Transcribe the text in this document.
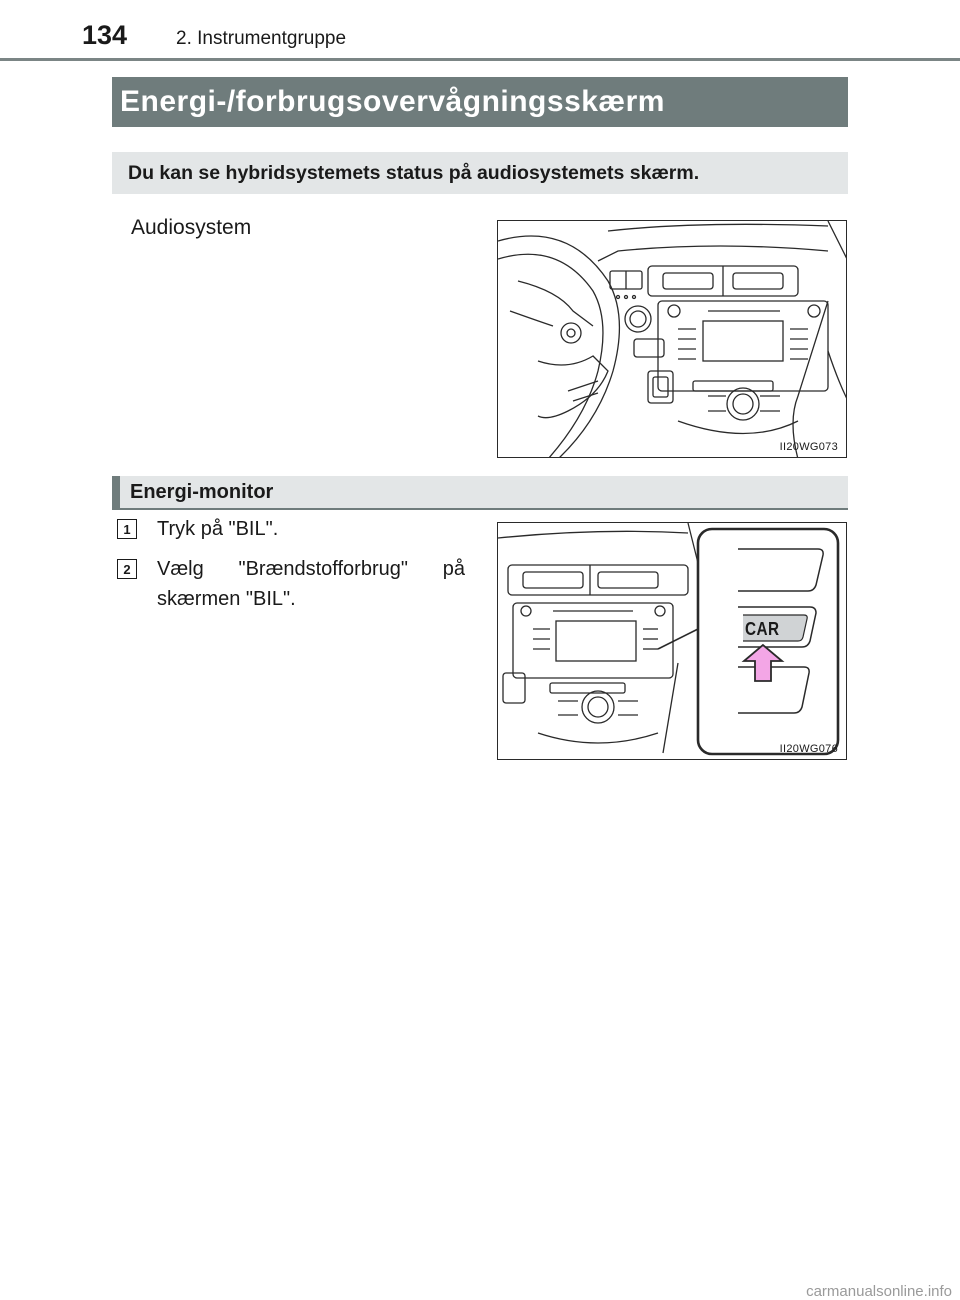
134	2. Instrumentgruppe
Energi-/forbrugsovervågningsskærm
Du kan se hybridsystemets status på audiosystemets skærm.
Audiosystem
II20WG073
Energi-monitor
1	Tryk på "BIL".
2	Vælg "Brændstofforbrug" på
skærmen "BIL".
CAR
II20WG076
carmanualsonline.info
